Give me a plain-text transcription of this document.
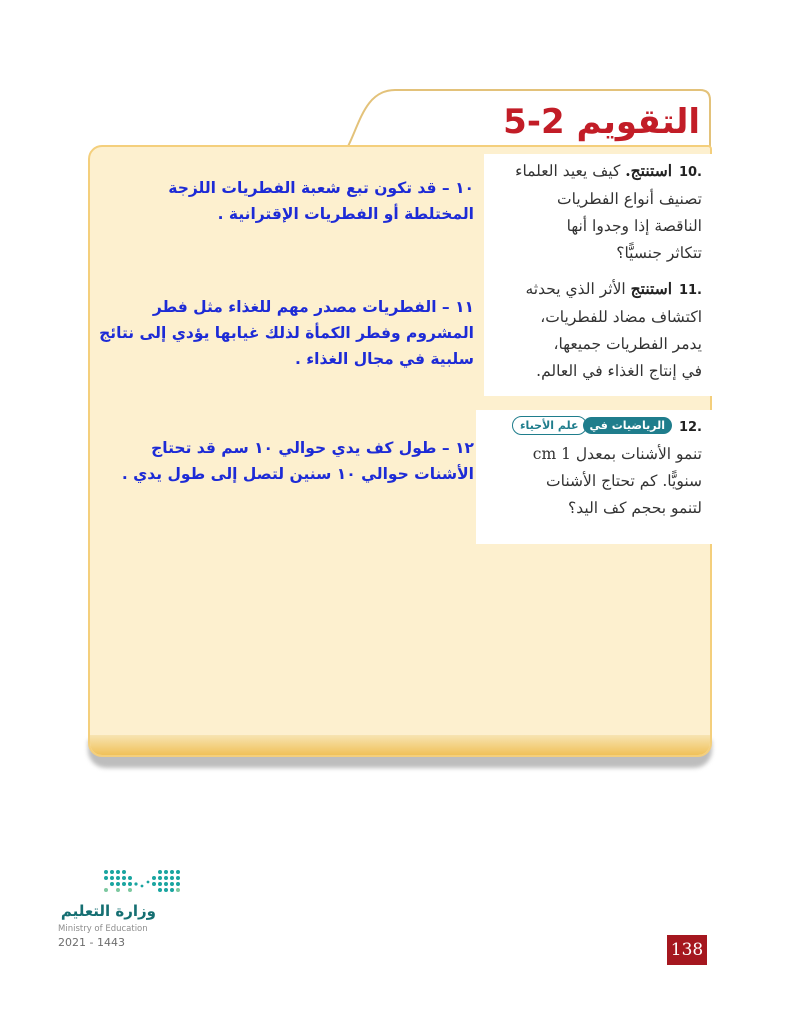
التقويم 2-5
.10 استنتج. كيف يعيد العلماء
تصنيف أنواع الفطريات
الناقصة إذا وجدوا أنها
تتكاثر جنسيًّا؟
.11 استنتج الأثر الذي يحدثه
اكتشاف مضاد للفطريات،
يدمر الفطريات جميعها،
في إنتاج الغذاء في العالم.
.12 الرياضيات فيعلم الأحياء
تنمو الأشنات بمعدل 1 cm
سنويًّا. كم تحتاج الأشنات
لتنمو بحجم كف اليد؟
١٠ – قد تكون تبع شعبة الفطريات اللزجة
المختلطة أو الفطريات الإقترانية .
١١ – الفطريات مصدر مهم للغذاء مثل فطر
المشروم وفطر الكمأة لذلك غيابها يؤدي إلى نتائج
سلبية في مجال الغذاء .
١٢ – طول كف يدي حوالي ١٠ سم قد تحتاج
الأشنات حوالي ١٠ سنين لتصل إلى طول يدي .
وزارة التعليم
Ministry of Education
2021 - 1443	138
